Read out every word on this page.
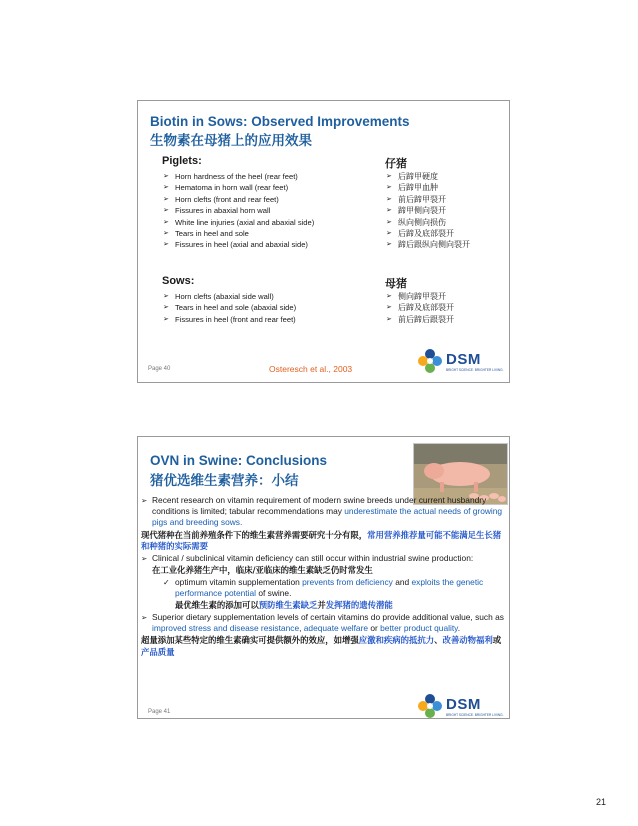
Biotin in Sows: Observed Improvements
生物素在母猪上的应用效果
Piglets:	仔猪
➢ Horn hardness of the heel (rear feet)
➢ Hematoma in horn wall (rear feet)
➢ Horn clefts (front and rear feet)
➢ Fissures in abaxial horn wall
➢ White line injuries (axial and abaxial side)
➢ Tears in heel and sole
➢ Fissures in heel (axial and abaxial side)
➢ 后蹄甲硬度
➢ 后蹄甲血肿
➢ 前后蹄甲裂开
➢ 蹄甲侧向裂开
➢ 纵向侧向损伤
➢ 后蹄及底部裂开
➢ 蹄后跟纵向侧向裂开
Sows:	母猪
➢ Horn clefts (abaxial side wall)
➢ Tears in heel and sole (abaxial side)
➢ Fissures in heel (front and rear feet)
➢ 侧向蹄甲裂开
➢ 后蹄及底部裂开
➢ 前后蹄后跟裂开
Page 40	Osteresch et al., 2003
DSM
BRIGHT SCIENCE. BRIGHTER LIVING.
OVN in Swine: Conclusions
猪优选维生素营养：小结
➢ Recent research on vitamin requirement of modern swine breeds under current husbandry conditions is limited; tabular recommendations may underestimate the actual needs of growing pigs and breeding sows.
现代猪种在当前养殖条件下的维生素营养需要研究十分有限，常用营养推荐量可能不能满足生长猪和种猪的实际需要
➢ Clinical / subclinical vitamin deficiency can still occur within industrial swine production:
在工业化养猪生产中，临床/亚临床的维生素缺乏仍时常发生
✓ optimum vitamin supplementation prevents from deficiency and exploits the genetic performance potential of swine.
最优维生素的添加可以预防维生素缺乏并发挥猪的遗传潜能
➢ Superior dietary supplementation levels of certain vitamins do provide additional value, such as improved stress and disease resistance, adequate welfare or better product quality.
超量添加某些特定的维生素确实可提供额外的效应，如增强应激和疾病的抵抗力、改善动物福利或产品质量
Page 41	DSM
BRIGHT SCIENCE. BRIGHTER LIVING.
21
